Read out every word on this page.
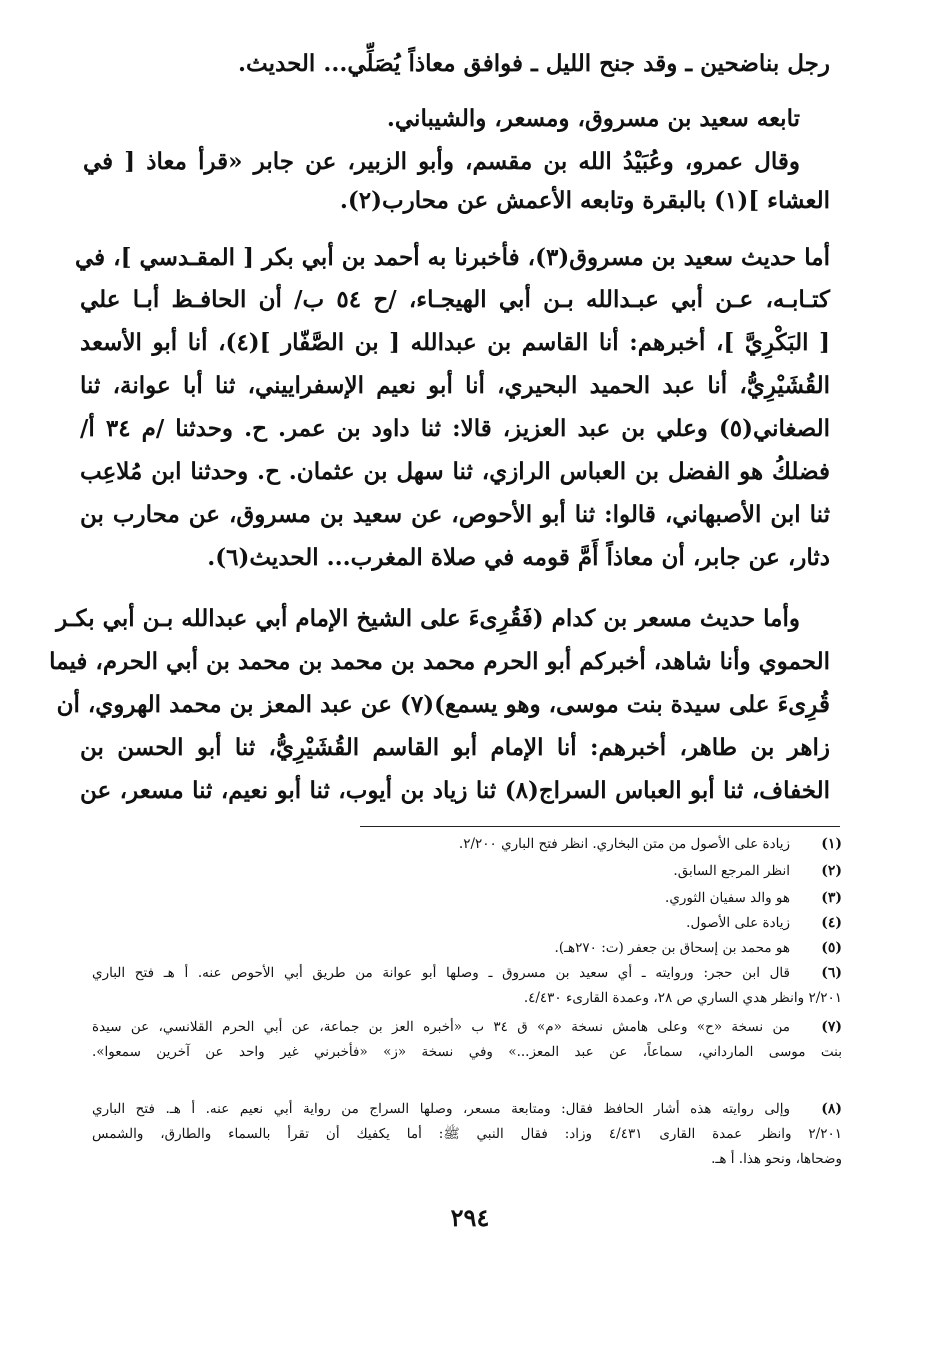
رجل بناضحين ـ وقد جنح الليل ـ فوافق معاذاً يُصَلِّي... الحديث.
تابعه سعيد بن مسروق، ومسعر، والشيباني.
وقال عمرو، وعُبَيْدُ الله بن مقسم، وأبو الزبير، عن جابر «قرأ معاذ [ في
العشاء ](١) بالبقرة وتابعه الأعمش عن محارب(٢).
أما حديث سعيد بن مسروق(٣)، فأخبرنا به أحمد بن أبي بكر [ المقـدسي ]، في
كتـابـه، عـن أبي عبـدالله بـن أبي الهيجـاء، /ح ٥٤ ب/ أن الحافـظ أبـا علي
[ البَكْرِيَّ ]، أخبرهم: أنا القاسم بن عبدالله [ بن الصَّفّار ](٤)، أنا أبو الأسعد
القُشَيْرِيُّ، أنا عبد الحميد البحيري، أنا أبو نعيم الإسفراييني، ثنا أبا عوانة، ثنا
الصغاني(٥) وعلي بن عبد العزيز، قالا: ثنا داود بن عمر. ح. وحدثنا /م ٣٤ أ/
فضلكُ هو الفضل بن العباس الرازي، ثنا سهل بن عثمان. ح. وحدثنا ابن مُلاعِب
ثنا ابن الأصبهاني، قالوا: ثنا أبو الأحوص، عن سعيد بن مسروق، عن محارب بن
دثار، عن جابر، أن معاذاً أَمَّ قومه في صلاة المغرب... الحديث(٦).
وأما حديث مسعر بن كدام (فَقُرِىءَ على الشيخ الإمام أبي عبدالله بـن أبي بكـر
الحموي وأنا شاهد، أخبركم أبو الحرم محمد بن محمد بن محمد بن أبي الحرم، فيما
قُرِىءَ على سيدة بنت موسى، وهو يسمع)(٧) عن عبد المعز بن محمد الهروي، أن
زاهر بن طاهر، أخبرهم: أنا الإمام أبو القاسم القُشَيْرِيُّ، ثنا أبو الحسن بن
الخفاف، ثنا أبو العباس السراج(٨) ثنا زياد بن أيوب، ثنا أبو نعيم، ثنا مسعر، عن
(١)
زيادة على الأصول من متن البخاري. انظر فتح الباري ٢/٢٠٠.
(٢)
انظر المرجع السابق.
(٣)
هو والد سفيان الثوري.
(٤)
زيادة على الأصول.
(٥)
هو محمد بن إسحاق بن جعفر (ت: ٢٧٠هـ).
(٦)
قال ابن حجر: وروايته ـ أي سعيد بن مسروق ـ وصلها أبو عوانة من طريق أبي الأحوص عنه. أ هـ فتح الباري
٢/٢٠١ وانظر هدي الساري ص ٢٨، وعمدة القارىء ٤/٤٣٠.
(٧)
من نسخة «ح» وعلى هامش نسخة «م» ق ٣٤ ب «أخبره العز بن جماعة، عن أبي الحرم القلانسي، عن سيدة
بنت موسى المارداني، سماعاً، عن عبد المعز...» وفي نسخة «ز» «فأخبرني غير واحد عن آخرين سمعوا».
(٨)
وإلى روايته هذه أشار الحافظ فقال: ومتابعة مسعر، وصلها السراج من رواية أبي نعيم عنه. أ هـ. فتح الباري
٢/٢٠١ وانظر عمدة القارى ٤/٤٣١ وزاد: فقال النبي ﷺ: أما يكفيك أن تقرأ بالسماء والطارق، والشمس
وضحاها، ونحو هذا. أ هـ.
٢٩٤
